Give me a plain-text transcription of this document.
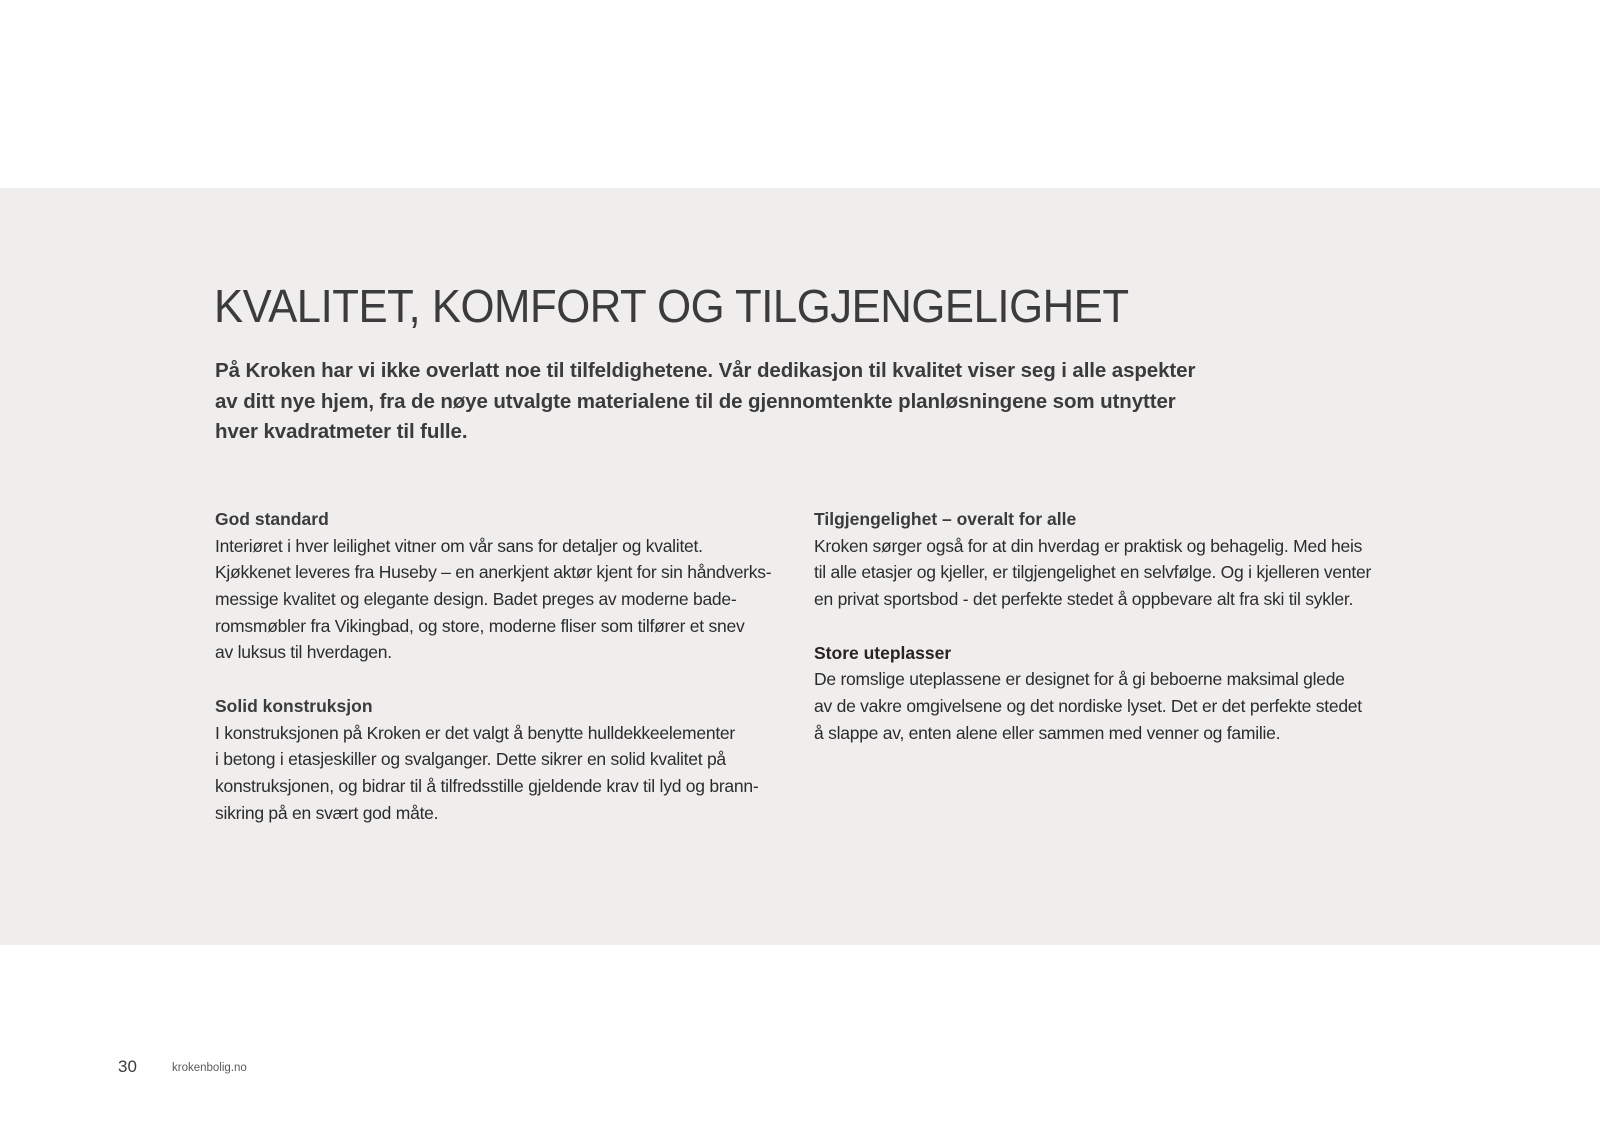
KVALITET, KOMFORT OG TILGJENGELIGHET

På Kroken har vi ikke overlatt noe til tilfeldighetene. Vår dedikasjon til kvalitet viser seg i alle aspekter av ditt nye hjem, fra de nøye utvalgte materialene til de gjennomtenkte planløsningene som utnytter hver kvadratmeter til fulle.

God standard

Interiøret i hver leilighet vitner om vår sans for detaljer og kvalitet.
Kjøkkenet leveres fra Huseby – en anerkjent aktør kjent for sin håndverks-
messige kvalitet og elegante design. Badet preges av moderne bade-
romsmøbler fra Vikingbad, og store, moderne fliser som tilfører et snev
av luksus til hverdagen.

Solid konstruksjon

I konstruksjonen på Kroken er det valgt å benytte hulldekkeelementer
i betong i etasjeskiller og svalganger. Dette sikrer en solid kvalitet på
konstruksjonen, og bidrar til å tilfredsstille gjeldende krav til lyd og brann-
sikring på en svært god måte.

Tilgjengelighet – overalt for alle

Kroken sørger også for at din hverdag er praktisk og behagelig. Med heis
til alle etasjer og kjeller, er tilgjengelighet en selvfølge. Og i kjelleren venter
en privat sportsbod - det perfekte stedet å oppbevare alt fra ski til sykler.

Store uteplasser

De romslige uteplassene er designet for å gi beboerne maksimal glede
av de vakre omgivelsene og det nordiske lyset. Det er det perfekte stedet
å slappe av, enten alene eller sammen med venner og familie.

30	krokenbolig.no
